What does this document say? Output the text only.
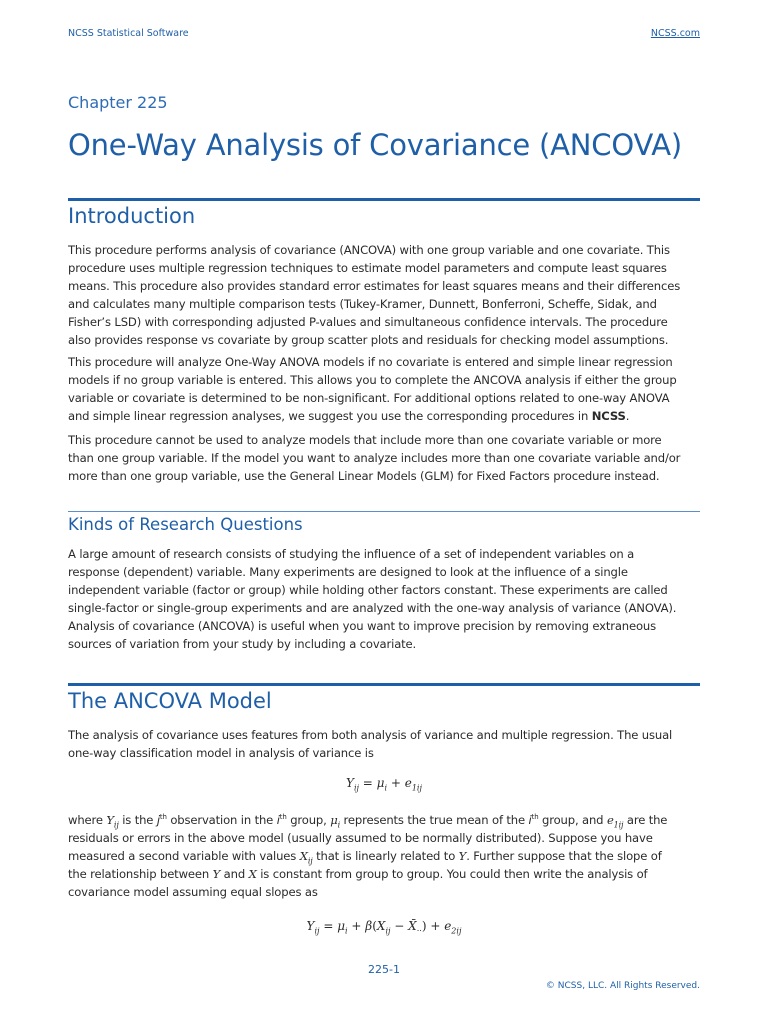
NCSS Statistical Software	NCSS.com
Chapter 225
One-Way Analysis of Covariance (ANCOVA)
Introduction
This procedure performs analysis of covariance (ANCOVA) with one group variable and one covariate. This
procedure uses multiple regression techniques to estimate model parameters and compute least squares
means. This procedure also provides standard error estimates for least squares means and their differences
and calculates many multiple comparison tests (Tukey-Kramer, Dunnett, Bonferroni, Scheffe, Sidak, and
Fisher’s LSD) with corresponding adjusted P-values and simultaneous confidence intervals. The procedure
also provides response vs covariate by group scatter plots and residuals for checking model assumptions.
This procedure will analyze One-Way ANOVA models if no covariate is entered and simple linear regression
models if no group variable is entered. This allows you to complete the ANCOVA analysis if either the group
variable or covariate is determined to be non-significant. For additional options related to one-way ANOVA
and simple linear regression analyses, we suggest you use the corresponding procedures in NCSS.
This procedure cannot be used to analyze models that include more than one covariate variable or more
than one group variable. If the model you want to analyze includes more than one covariate variable and/or
more than one group variable, use the General Linear Models (GLM) for Fixed Factors procedure instead.
Kinds of Research Questions
A large amount of research consists of studying the influence of a set of independent variables on a
response (dependent) variable. Many experiments are designed to look at the influence of a single
independent variable (factor or group) while holding other factors constant. These experiments are called
single-factor or single-group experiments and are analyzed with the one-way analysis of variance (ANOVA).
Analysis of covariance (ANCOVA) is useful when you want to improve precision by removing extraneous
sources of variation from your study by including a covariate.
The ANCOVA Model
The analysis of covariance uses features from both analysis of variance and multiple regression. The usual
one-way classification model in analysis of variance is
$Y_{ij} = \mu_i + e_{1ij}$
where $Y_{ij}$ is the $j^{th}$ observation in the $i^{th}$ group, $\mu_i$ represents the true mean of the $i^{th}$ group, and $e_{1ij}$ are the
residuals or errors in the above model (usually assumed to be normally distributed). Suppose you have
measured a second variable with values $X_{ij}$ that is linearly related to Y. Further suppose that the slope of
the relationship between Y and X is constant from group to group. You could then write the analysis of
covariance model assuming equal slopes as
$Y_{ij} = \mu_i + \beta(X_{ij}$ − $X̄_{\cdot\cdot}) + e_{2ij}$
225-1
© NCSS, LLC. All Rights Reserved.
